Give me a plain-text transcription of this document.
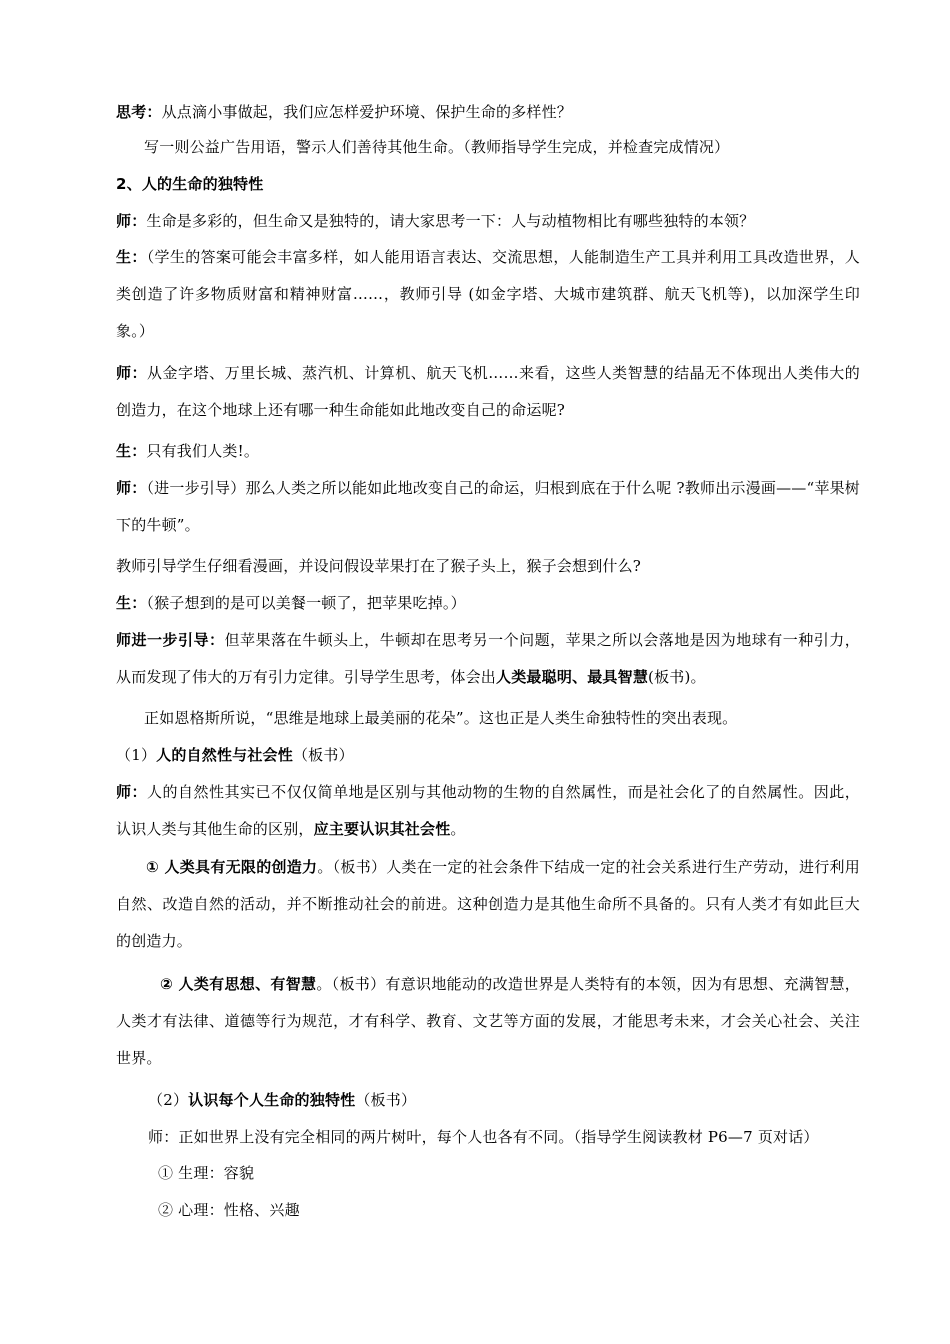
思考：从点滴小事做起，我们应怎样爱护环境、保护生命的多样性？
写一则公益广告用语，警示人们善待其他生命。（教师指导学生完成，并检查完成情况）
2、人的生命的独特性
师：生命是多彩的，但生命又是独特的，请大家思考一下：人与动植物相比有哪些独特的本领？
生：（学生的答案可能会丰富多样，如人能用语言表达、交流思想，人能制造生产工具并利用工具改造世界，人类创造了许多物质财富和精神财富……，教师引导 (如金字塔、大城市建筑群、航天飞机等)，以加深学生印象。）
师：从金字塔、万里长城、蒸汽机、计算机、航天飞机……来看，这些人类智慧的结晶无不体现出人类伟大的创造力，在这个地球上还有哪一种生命能如此地改变自己的命运呢?
生：只有我们人类!。
师：（进一步引导）那么人类之所以能如此地改变自己的命运，归根到底在于什么呢 ?教师出示漫画——“苹果树下的牛顿”。
教师引导学生仔细看漫画，并设问假设苹果打在了猴子头上，猴子会想到什么?
生：（猴子想到的是可以美餐一顿了，把苹果吃掉。）
师进一步引导：但苹果落在牛顿头上，牛顿却在思考另一个问题，苹果之所以会落地是因为地球有一种引力，从而发现了伟大的万有引力定律。引导学生思考，体会出人类最聪明、最具智慧(板书)。
正如恩格斯所说，“思维是地球上最美丽的花朵”。这也正是人类生命独特性的突出表现。
（1）人的自然性与社会性（板书）
师：人的自然性其实已不仅仅简单地是区别与其他动物的生物的自然属性，而是社会化了的自然属性。因此，认识人类与其他生命的区别，应主要认识其社会性。
① 人类具有无限的创造力。（板书）人类在一定的社会条件下结成一定的社会关系进行生产劳动，进行利用自然、改造自然的活动，并不断推动社会的前进。这种创造力是其他生命所不具备的。只有人类才有如此巨大的创造力。
② 人类有思想、有智慧。（板书）有意识地能动的改造世界是人类特有的本领，因为有思想、充满智慧，人类才有法律、道德等行为规范，才有科学、教育、文艺等方面的发展，才能思考未来，才会关心社会、关注世界。
（2）认识每个人生命的独特性（板书）
师：正如世界上没有完全相同的两片树叶，每个人也各有不同。（指导学生阅读教材 P6—7 页对话）
① 生理：容貌
② 心理：性格、兴趣
